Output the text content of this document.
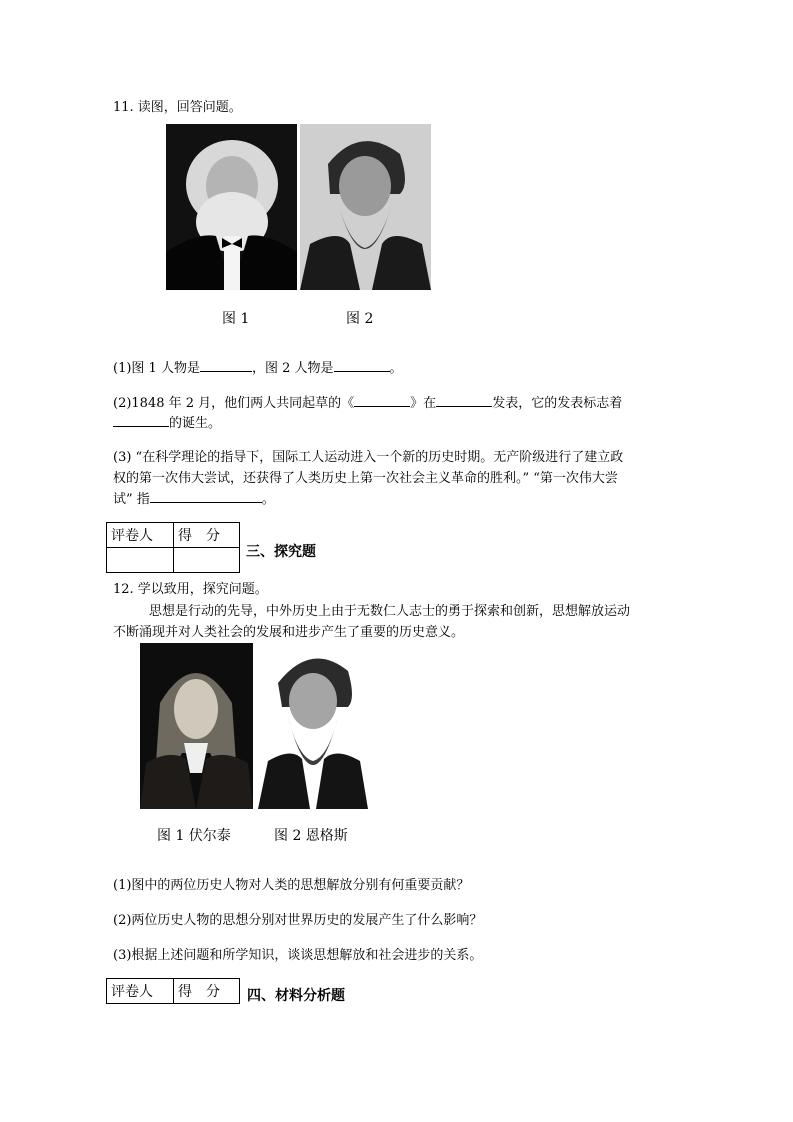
11. 读图，回答问题。
图 1	图 2
(1)图 1 人物是	，图 2 人物是	。
(2)1848 年 2 月，他们两人共同起草的《	》在	发表，它的发表标志着
的诞生。
(3) “在科学理论的指导下，国际工人运动进入一个新的历史时期。无产阶级进行了建立政
权的第一次伟大尝试，还获得了人类历史上第一次社会主义革命的胜利。” “第一次伟大尝
试” 指	。
评卷人	得　分

三、探究题
12. 学以致用，探究问题。
思想是行动的先导，中外历史上由于无数仁人志士的勇于探索和创新，思想解放运动
不断涌现并对人类社会的发展和进步产生了重要的历史意义。
图 1 伏尔泰	图 2 恩格斯
(1)图中的两位历史人物对人类的思想解放分别有何重要贡献？
(2)两位历史人物的思想分别对世界历史的发展产生了什么影响？
(3)根据上述问题和所学知识，谈谈思想解放和社会进步的关系。
评卷人	得　分 四、材料分析题
